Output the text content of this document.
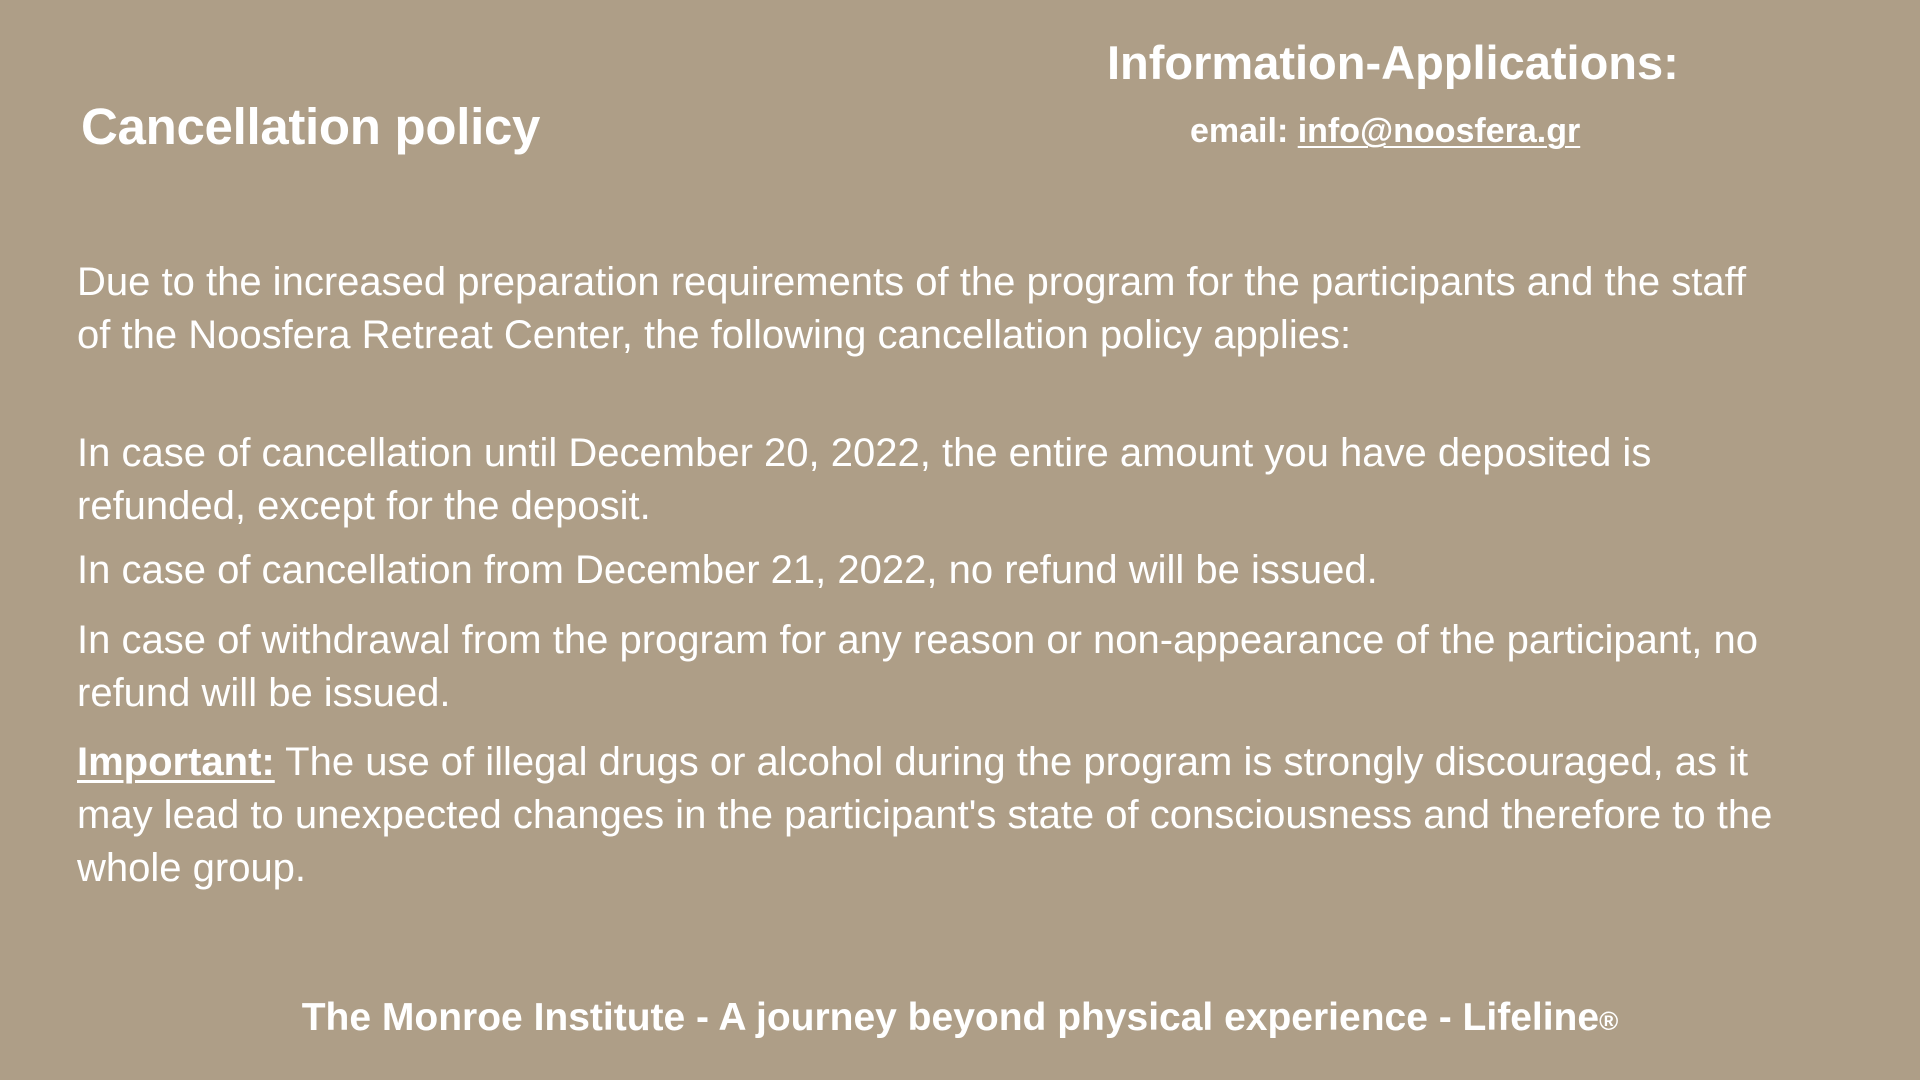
Cancellation policy
Information-Applications:
email: info@noosfera.gr

Due to the increased preparation requirements of the program for the participants and the staff of the Noosfera Retreat Center, the following cancellation policy applies:

In case of cancellation until December 20, 2022, the entire amount you have deposited is refunded, except for the deposit.

In case of cancellation from December 21, 2022, no refund will be issued.

In case of withdrawal from the program for any reason or non-appearance of the participant, no refund will be issued.

Important: The use of illegal drugs or alcohol during the program is strongly discouraged, as it may lead to unexpected changes in the participant's state of consciousness and therefore to the whole group.

The Monroe Institute - A journey beyond physical experience - Lifeline®
